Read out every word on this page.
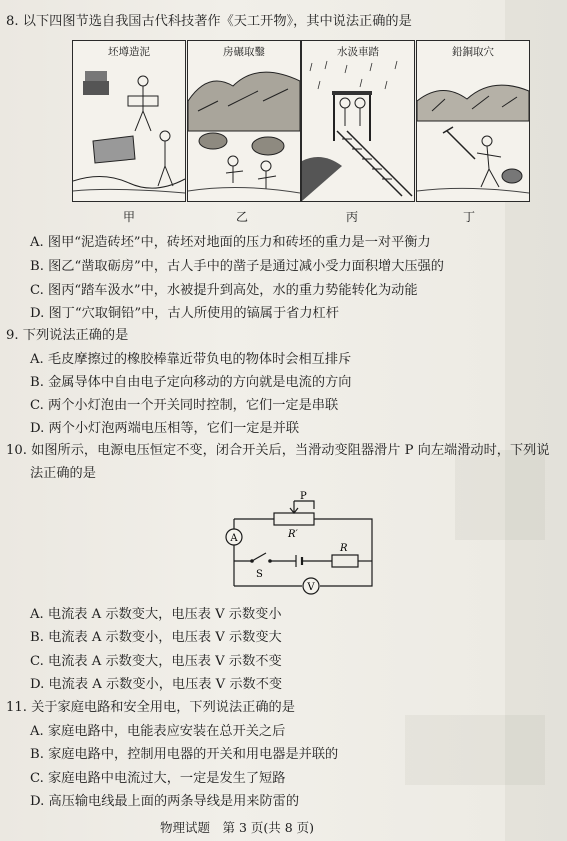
8. 以下四图节选自我国古代科技著作《天工开物》，其中说法正确的是
坯墫造泥	房碾取鑿	水汲車踏	鉛銅取穴
甲	乙	丙	丁
A. 图甲“泥造砖坯”中，砖坯对地面的压力和砖坯的重力是一对平衡力
B. 图乙“凿取砺房”中，古人手中的凿子是通过减小受力面积增大压强的
C. 图丙“踏车汲水”中，水被提升到高处，水的重力势能转化为动能
D. 图丁“穴取铜铅”中，古人所使用的镐属于省力杠杆
9. 下列说法正确的是
A. 毛皮摩擦过的橡胶棒靠近带负电的物体时会相互排斥
B. 金属导体中自由电子定向移动的方向就是电流的方向
C. 两个小灯泡由一个开关同时控制，它们一定是串联
D. 两个小灯泡两端电压相等，它们一定是并联
10. 如图所示，电源电压恒定不变，闭合开关后，当滑动变阻器滑片 P 向左端滑动时，下列说
法正确的是
A
V
S
R
R′
P
A. 电流表 A 示数变大，电压表 V 示数变小
B. 电流表 A 示数变小，电压表 V 示数变大
C. 电流表 A 示数变大，电压表 V 示数不变
D. 电流表 A 示数变小，电压表 V 示数不变
11. 关于家庭电路和安全用电，下列说法正确的是
A. 家庭电路中，电能表应安装在总开关之后
B. 家庭电路中，控制用电器的开关和用电器是并联的
C. 家庭电路中电流过大，一定是发生了短路
D. 高压输电线最上面的两条导线是用来防雷的
物理试题　第 3 页(共 8 页)
